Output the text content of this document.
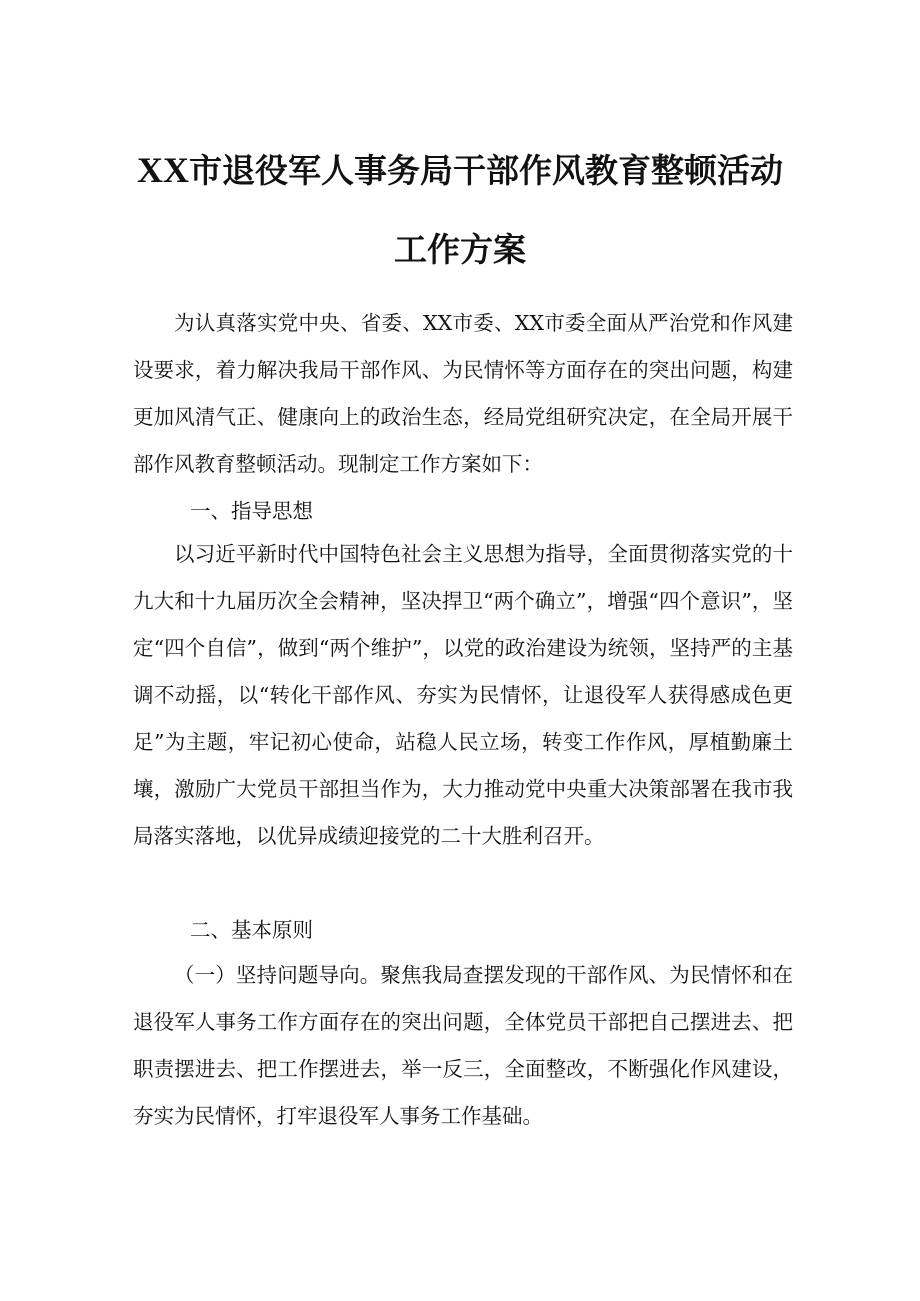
XX市退役军人事务局干部作风教育整顿活动
工作方案

为认真落实党中央、省委、XX市委、XX市委全面从严治党和作风建设要求，着力解决我局干部作风、为民情怀等方面存在的突出问题，构建更加风清气正、健康向上的政治生态，经局党组研究决定，在全局开展干部作风教育整顿活动。现制定工作方案如下：

一、指导思想

以习近平新时代中国特色社会主义思想为指导，全面贯彻落实党的十九大和十九届历次全会精神，坚决捍卫“两个确立”，增强“四个意识”，坚定“四个自信”，做到“两个维护”，以党的政治建设为统领，坚持严的主基调不动摇，以“转化干部作风、夯实为民情怀，让退役军人获得感成色更足”为主题，牢记初心使命，站稳人民立场，转变工作作风，厚植勤廉土壤，激励广大党员干部担当作为，大力推动党中央重大决策部署在我市我局落实落地，以优异成绩迎接党的二十大胜利召开。

二、基本原则

（一）坚持问题导向。聚焦我局查摆发现的干部作风、为民情怀和在退役军人事务工作方面存在的突出问题，全体党员干部把自己摆进去、把职责摆进去、把工作摆进去，举一反三，全面整改，不断强化作风建设，夯实为民情怀，打牢退役军人事务工作基础。
